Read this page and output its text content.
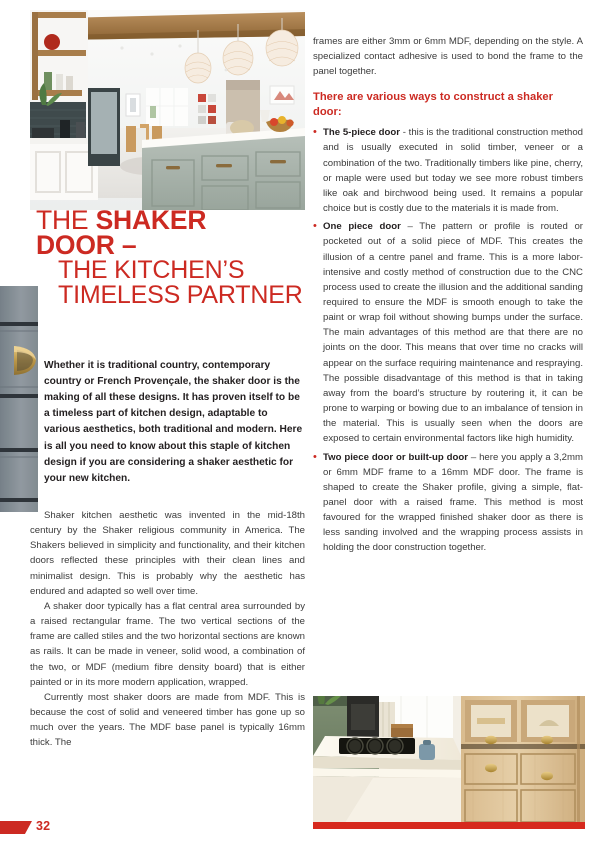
THE SHAKER
DOOR –
THE KITCHEN’S TIMELESS PARTNER

Whether it is traditional country, contemporary country or French Provençale, the shaker door is the making of all these designs. It has proven itself to be a timeless part of kitchen design, adaptable to various aesthetics, both traditional and modern. Here is all you need to know about this staple of kitchen design if you are considering a shaker aesthetic for your new kitchen.

Shaker kitchen aesthetic was invented in the mid-18th century by the Shaker religious community in America. The Shakers believed in simplicity and functionality, and their kitchen doors reflected these principles with their clean lines and minimalist design. This is probably why the aesthetic has endured and adapted so well over time.

A shaker door typically has a flat central area surrounded by a raised rectangular frame. The two vertical sections of the frame are called stiles and the two horizontal sections are known as rails. It can be made in veneer, solid wood, a combination of the two, or MDF (medium fibre density board) that is either painted or in its more modern application, wrapped.

Currently most shaker doors are made from MDF. This is because the cost of solid and veneered timber has gone up so much over the years. The MDF base panel is typically 16mm thick. The

frames are either 3mm or 6mm MDF, depending on the style. A specialized contact adhesive is used to bond the frame to the panel together.

There are various ways to construct a shaker door:
• The 5-piece door - this is the traditional construction method and is usually executed in solid timber, veneer or a combination of the two. Traditionally timbers like pine, cherry, or maple were used but today we see more robust timbers like oak and birchwood being used. It remains a popular choice but is costly due to the materials it is made from.
• One piece door – The pattern or profile is routed or pocketed out of a solid piece of MDF. This creates the illusion of a centre panel and frame. This is a more labor-intensive and costly method of construction due to the CNC process used to create the illusion and the additional sanding required to ensure the MDF is smooth enough to take the paint or wrap foil without showing bumps under the surface. The main advantages of this method are that there are no joints on the door. This means that over time no cracks will appear on the surface requiring maintenance and respraying. The possible disadvantage of this method is that in taking away from the board’s structure by routering it, it can be prone to warping or bowing due to an imbalance of tension in the material. This is usually seen when the doors are exposed to certain environmental factors like high humidity.
• Two piece door or built-up door – here you apply a 3,2mm or 6mm MDF frame to a 16mm MDF door. The frame is shaped to create the Shaker profile, giving a simple, flat-panel door with a raised frame. This method is most favoured for the wrapped finished shaker door as there is less sanding involved and the wrapping process assists in holding the door construction together.
32
